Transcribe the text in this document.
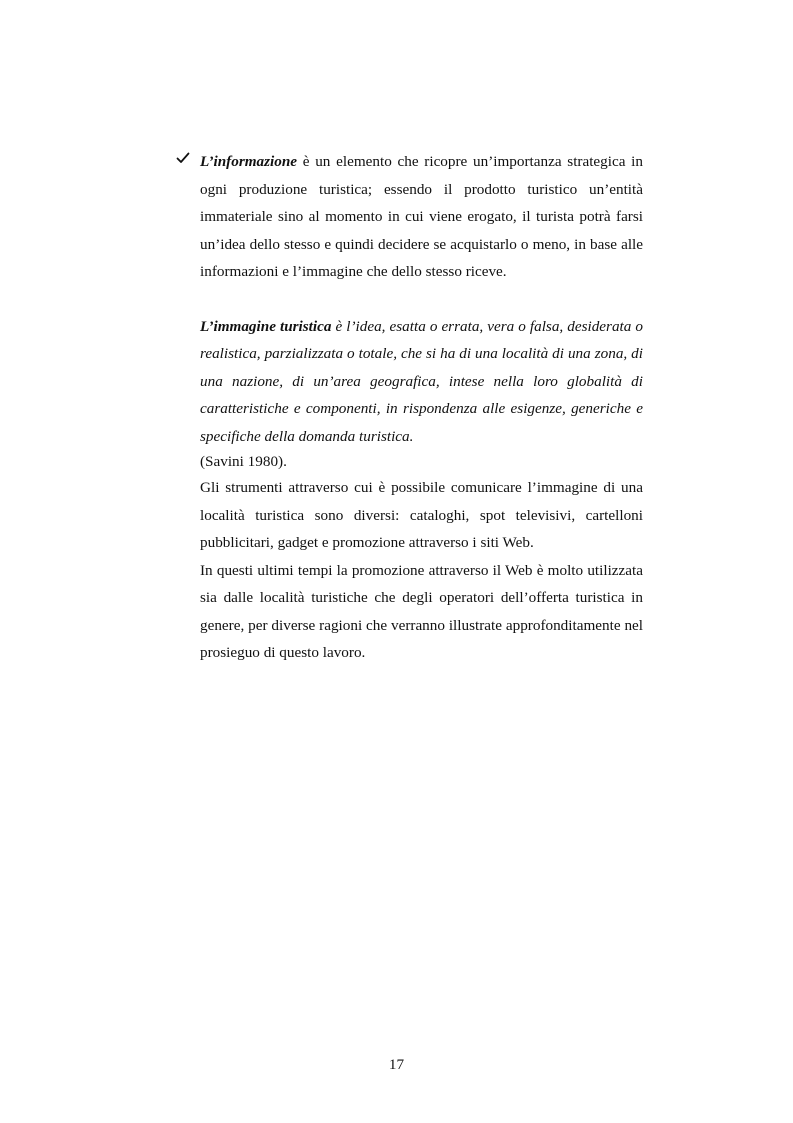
L’informazione è un elemento che ricopre un’importanza strategica in ogni produzione turistica; essendo il prodotto turistico un’entità immateriale sino al momento in cui viene erogato, il turista potrà farsi un’idea dello stesso e quindi decidere se acquistarlo o meno, in base alle informazioni e l’immagine che dello stesso riceve.

L’immagine turistica è l’idea, esatta o errata, vera o falsa, desiderata o realistica, parzializzata o totale, che si ha di una località di una zona, di una nazione, di un’area geografica, intese nella loro globalità di caratteristiche e componenti, in rispondenza alle esigenze, generiche e specifiche della domanda turistica.

(Savini 1980).

Gli strumenti attraverso cui è possibile comunicare l’immagine di una località turistica sono diversi: cataloghi, spot televisivi, cartelloni pubblicitari, gadget e promozione attraverso i siti Web.

In questi ultimi tempi la promozione attraverso il Web è molto utilizzata sia dalle località turistiche che degli operatori dell’offerta turistica in genere, per diverse ragioni che verranno illustrate approfonditamente nel prosieguo di questo lavoro.

17
